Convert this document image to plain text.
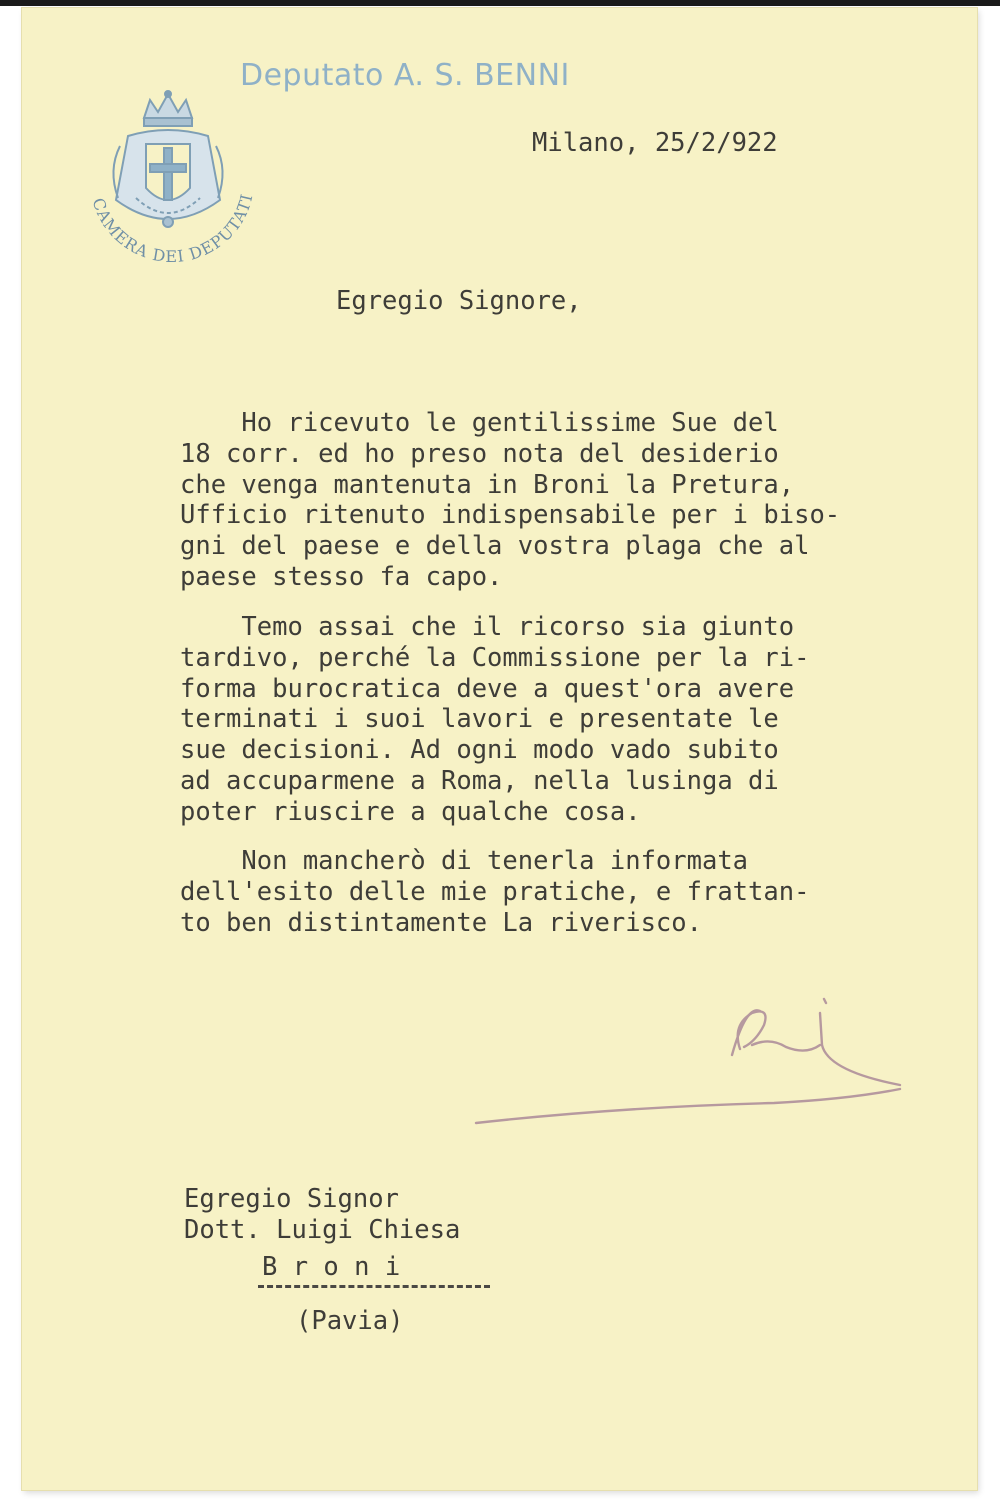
Deputato A. S. BENNI
CAMERA DEI DEPUTATI
Milano, 25/2/922
Egregio Signore,
Ho ricevuto le gentilissime Sue del
18 corr. ed ho preso nota del desiderio
che venga mantenuta in Broni la Pretura,
Ufficio ritenuto indispensabile per i biso-
gni del paese e della vostra plaga che al
paese stesso fa capo.
Temo assai che il ricorso sia giunto
tardivo, perché la Commissione per la ri-
forma burocratica deve a quest'ora avere
terminati i suoi lavori e presentate le
sue decisioni. Ad ogni modo vado subito
ad accuparmene a Roma, nella lusinga di
poter riuscire a qualche cosa.
Non mancherò di tenerla informata
dell'esito delle mie pratiche, e frattan-
to ben distintamente La riverisco.
Egregio Signor
Dott. Luigi Chiesa
B r o n i
(Pavia)
